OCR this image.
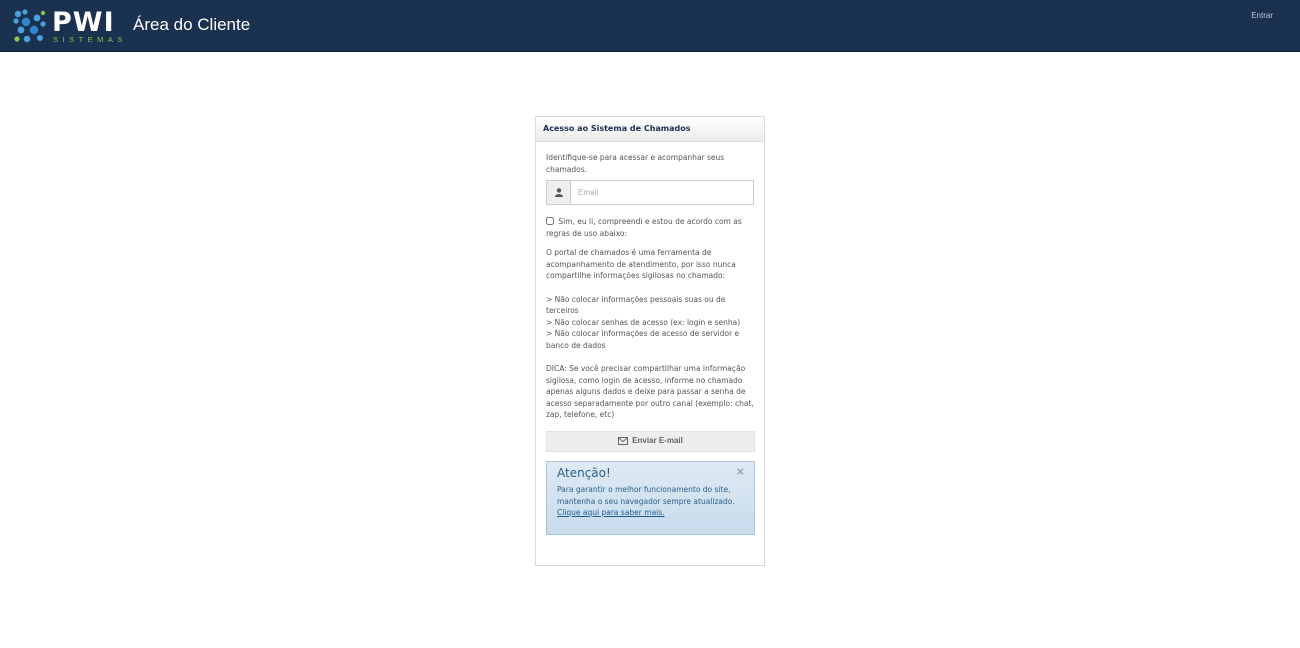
PWI
SISTEMAS
Área do Cliente	Entrar
Acesso ao Sistema de Chamados

Identifique-se para acessar e acompanhar seus chamados.

Email
Sim, eu li, compreendi e estou de acordo com as regras de uso abaixo:

O portal de chamados é uma ferramenta de acompanhamento de atendimento, por isso nunca compartilhe informações sigilosas no chamado:

> Não colocar informações pessoais suas ou de terceiros
> Não colocar senhas de acesso (ex: login e senha)
> Não colocar informações de acesso de servidor e banco de dados

DICA: Se você precisar compartilhar uma informação sigilosa, como login de acesso, informe no chamado apenas alguns dados e deixe para passar a senha de acesso separadamente por outro canal (exemplo: chat, zap, telefone, etc)

Enviar E-mail
Atenção!
Para garantir o melhor funcionamento do site, mantenha o seu navegador sempre atualizado. Clique aqui para saber mais.
×
